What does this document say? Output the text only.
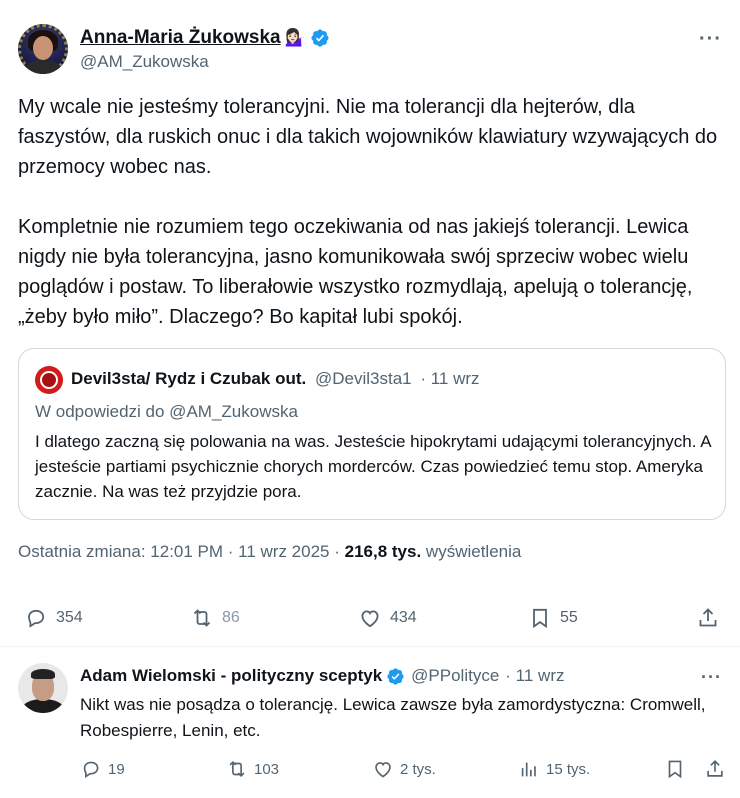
Anna-Maria Żukowska 💁🏻‍♀️
@AM_Zukowska
···
My wcale nie jesteśmy tolerancyjni. Nie ma tolerancji dla hejterów, dla faszystów, dla ruskich onuc i dla takich wojowników klawiatury wzywających do przemocy wobec nas.

Kompletnie nie rozumiem tego oczekiwania od nas jakiejś tolerancji. Lewica nigdy nie była tolerancyjna, jasno komunikowała swój sprzeciw wobec wielu poglądów i postaw. To liberałowie wszystko rozmydlają, apelują o tolerancję, „żeby było miło”. Dlaczego? Bo kapitał lubi spokój.
Devil3sta/ Rydz i Czubak out. @Devil3sta1 · 11 wrz
W odpowiedzi do @AM_Zukowska
I dlatego zaczną się polowania na was. Jesteście hipokrytami udającymi tolerancyjnych. A jesteście partiami psychicznie chorych morderców. Czas powiedzieć temu stop. Ameryka zacznie. Na was też przyjdzie pora.
Ostatnia zmiana: 12:01 PM · 11 wrz 2025 · 216,8 tys. wyświetlenia
354	86	434	55
Adam Wielomski - polityczny sceptyk @PPolityce · 11 wrz	···
Nikt was nie posądza o tolerancję. Lewica zawsze była zamordystyczna: Cromwell, Robespierre, Lenin, etc.
19	103	2 tys.	15 tys.
